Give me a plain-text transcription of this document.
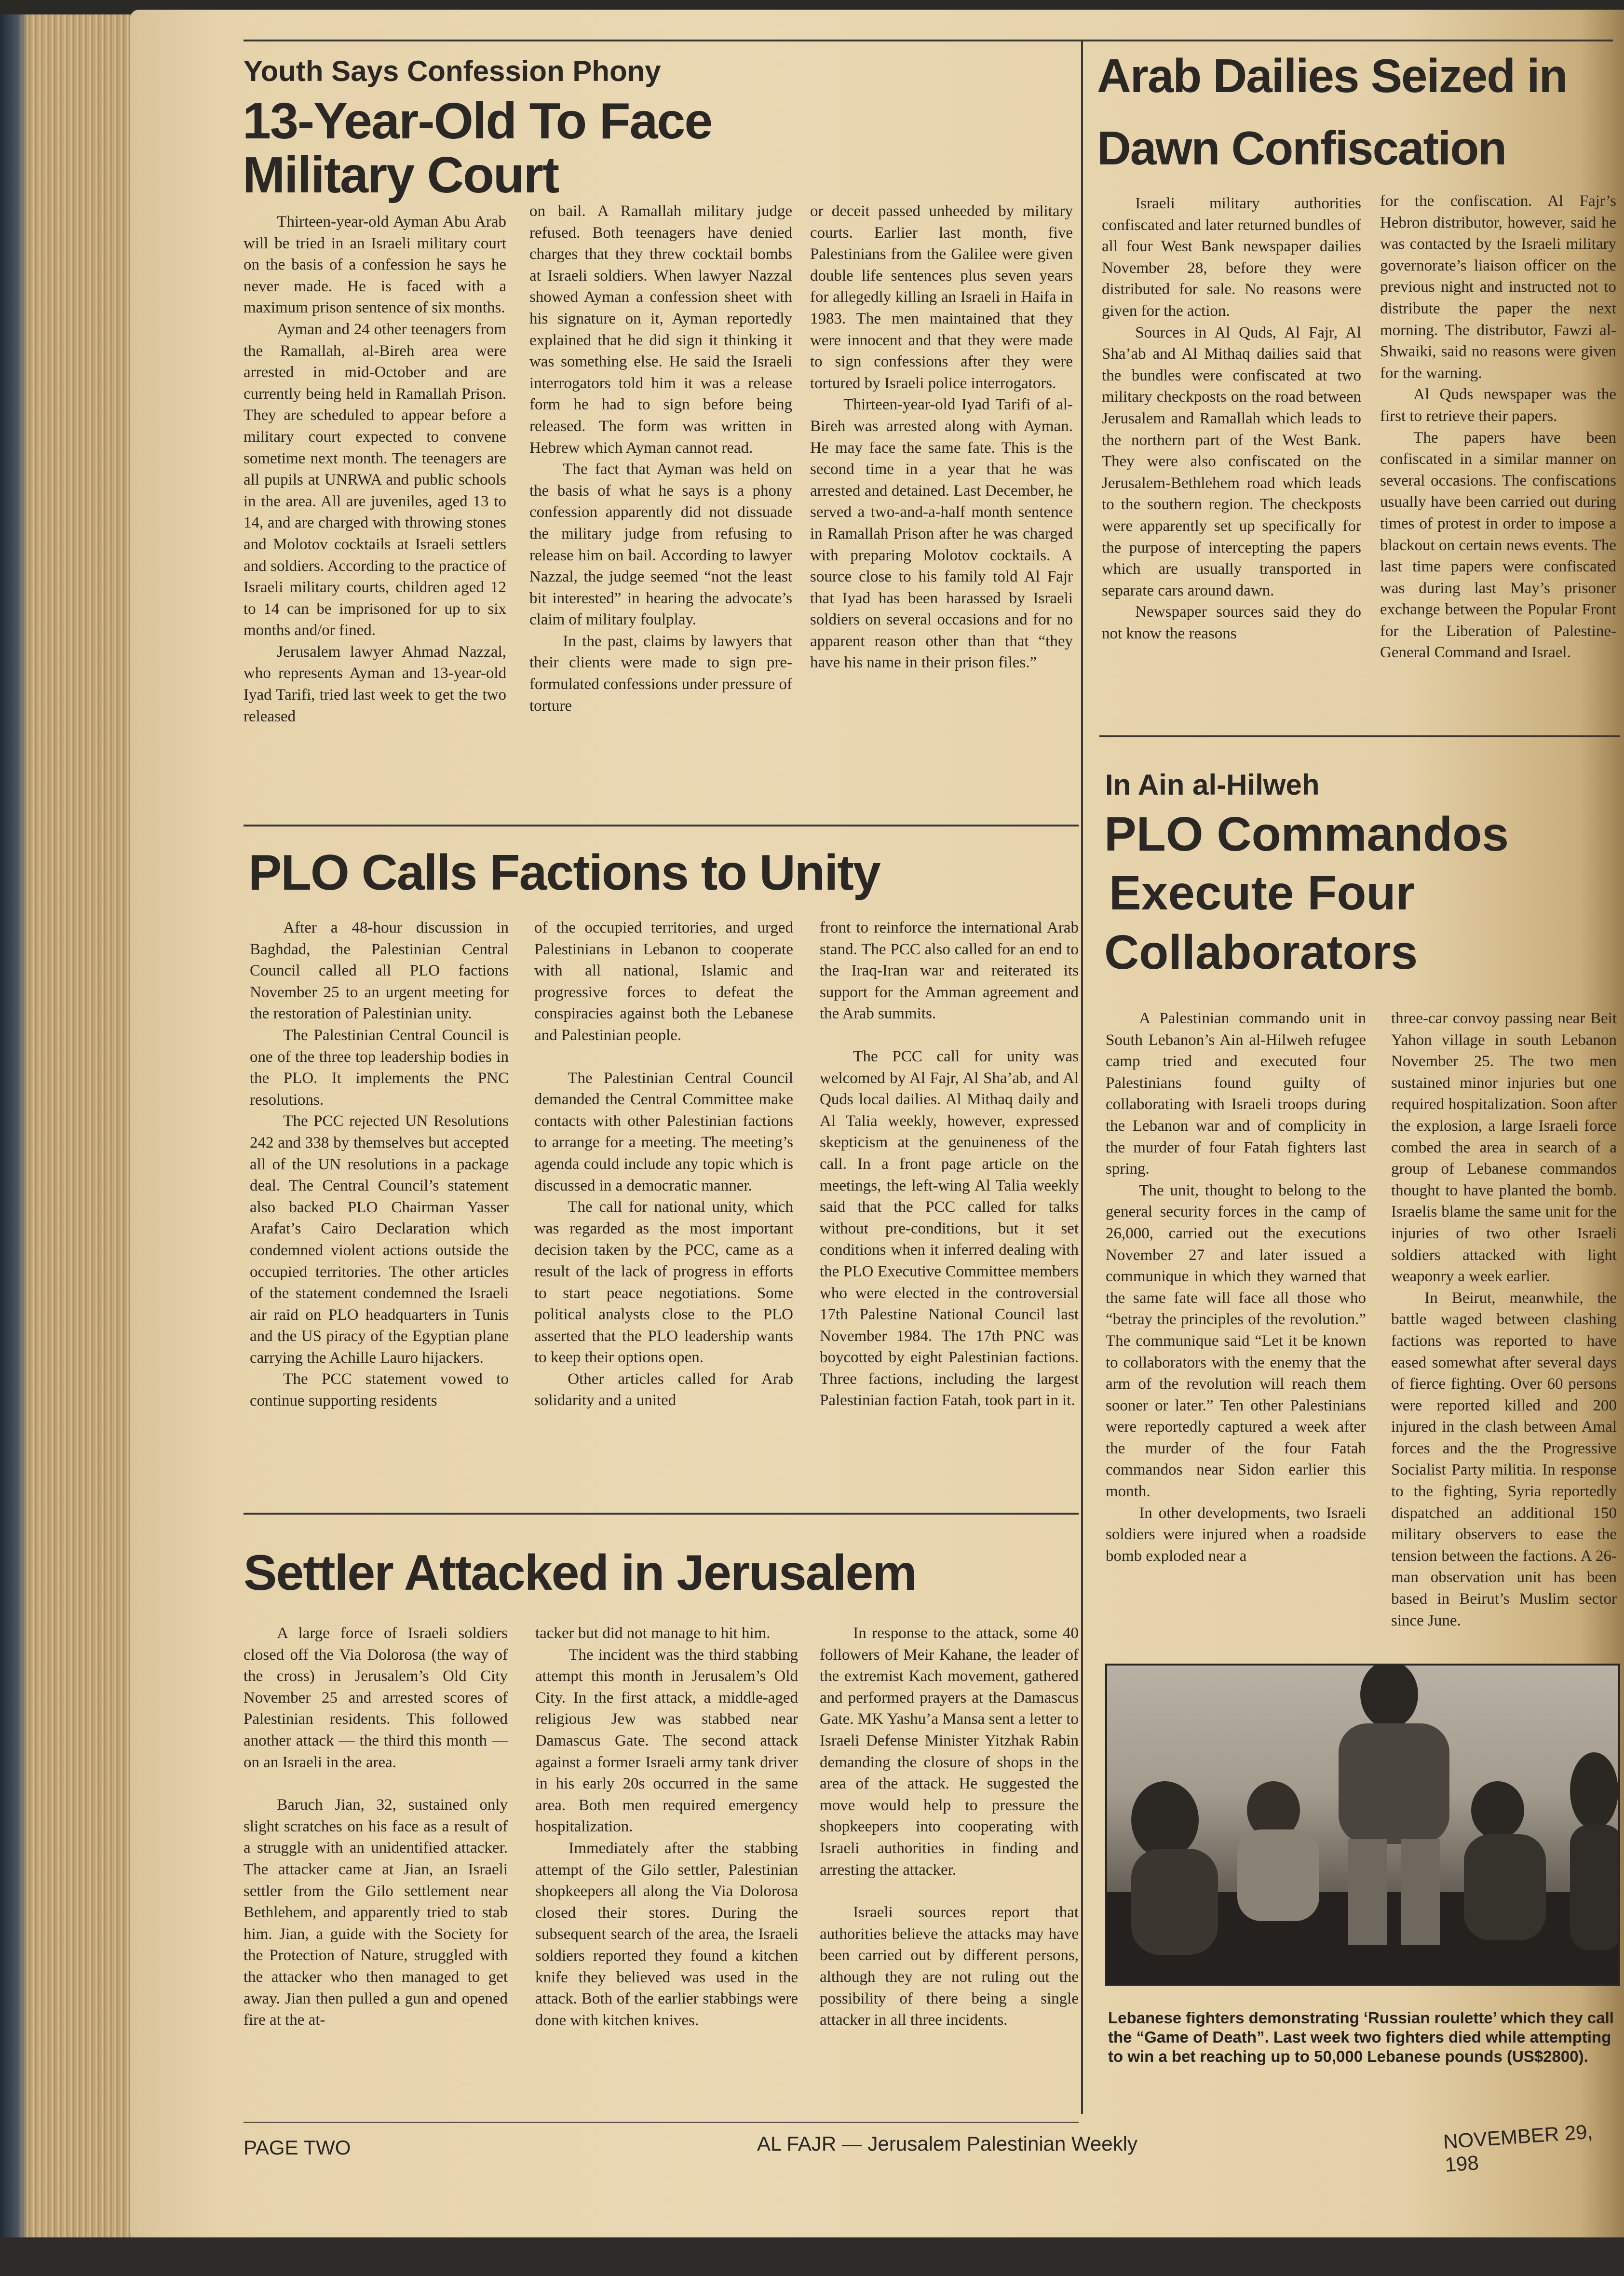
Youth Says Confession Phony
13-Year-Old To Face
Military Court

Thirteen-year-old Ayman Abu Arab will be tried in an Israeli military court on the basis of a confession he says he never made. He is faced with a maximum prison sentence of six months.

Ayman and 24 other teenagers from the Ramallah, al-Bireh area were arrested in mid-October and are currently being held in Ramallah Prison. They are scheduled to appear before a military court expected to convene sometime next month. The teenagers are all pupils at UNRWA and public schools in the area. All are juveniles, aged 13 to 14, and are charged with throwing stones and Molotov cocktails at Israeli settlers and soldiers. According to the practice of Israeli military courts, children aged 12 to 14 can be imprisoned for up to six months and/or fined.

Jerusalem lawyer Ahmad Nazzal, who represents Ayman and 13-year-old Iyad Tarifi, tried last week to get the two released

on bail. A Ramallah military judge refused. Both teenagers have denied charges that they threw cocktail bombs at Israeli soldiers. When lawyer Nazzal showed Ayman a confession sheet with his signature on it, Ayman reportedly explained that he did sign it thinking it was something else. He said the Israeli interrogators told him it was a release form he had to sign before being released. The form was written in Hebrew which Ayman cannot read.

The fact that Ayman was held on the basis of what he says is a phony confession apparently did not dissuade the military judge from refusing to release him on bail. According to lawyer Nazzal, the judge seemed “not the least bit interested” in hearing the advocate’s claim of military foulplay.

In the past, claims by lawyers that their clients were made to sign pre-formulated confessions under pressure of torture

or deceit passed unheeded by military courts. Earlier last month, five Palestinians from the Galilee were given double life sentences plus seven years for allegedly killing an Israeli in Haifa in 1983. The men maintained that they were innocent and that they were made to sign confessions after they were tortured by Israeli police interrogators.

Thirteen-year-old Iyad Tarifi of al-Bireh was arrested along with Ayman. He may face the same fate. This is the second time in a year that he was arrested and detained. Last December, he served a two-and-a-half month sentence in Ramallah Prison after he was charged with preparing Molotov cocktails. A source close to his family told Al Fajr that Iyad has been harassed by Israeli soldiers on several occasions and for no apparent reason other than that “they have his name in their prison files.”

Arab Dailies Seized in
Dawn Confiscation

Israeli military authorities confiscated and later returned bundles of all four West Bank newspaper dailies November 28, before they were distributed for sale. No reasons were given for the action.

Sources in Al Quds, Al Fajr, Al Sha’ab and Al Mithaq dailies said that the bundles were confiscated at two military checkposts on the road between Jerusalem and Ramallah which leads to the northern part of the West Bank. They were also confiscated on the Jerusalem-Bethlehem road which leads to the southern region. The checkposts were apparently set up specifically for the purpose of intercepting the papers which are usually transported in separate cars around dawn.

Newspaper sources said they do not know the reasons

for the confiscation. Al Fajr’s Hebron distributor, however, said he was contacted by the Israeli military governorate’s liaison officer on the previous night and instructed not to distribute the paper the next morning. The distributor, Fawzi al-Shwaiki, said no reasons were given for the warning.

Al Quds newspaper was the first to retrieve their papers.

The papers have been confiscated in a similar manner on several occasions. The confiscations usually have been carried out during times of protest in order to impose a blackout on certain news events. The last time papers were confiscated was during last May’s prisoner exchange between the Popular Front for the Liberation of Palestine-General Command and Israel.

PLO Calls Factions to Unity

After a 48-hour discussion in Baghdad, the Palestinian Central Council called all PLO factions November 25 to an urgent meeting for the restoration of Palestinian unity.

The Palestinian Central Council is one of the three top leadership bodies in the PLO. It implements the PNC resolutions.

The PCC rejected UN Resolutions 242 and 338 by themselves but accepted all of the UN resolutions in a package deal. The Central Council’s statement also backed PLO Chairman Yasser Arafat’s Cairo Declaration which condemned violent actions outside the occupied territories. The other articles of the statement condemned the Israeli air raid on PLO headquarters in Tunis and the US piracy of the Egyptian plane carrying the Achille Lauro hijackers.

The PCC statement vowed to continue supporting residents

of the occupied territories, and urged Palestinians in Lebanon to cooperate with all national, Islamic and progressive forces to defeat the conspiracies against both the Lebanese and Palestinian people.

The Palestinian Central Council demanded the Central Committee make contacts with other Palestinian factions to arrange for a meeting. The meeting’s agenda could include any topic which is discussed in a democratic manner.

The call for national unity, which was regarded as the most important decision taken by the PCC, came as a result of the lack of progress in efforts to start peace negotiations. Some political analysts close to the PLO asserted that the PLO leadership wants to keep their options open.

Other articles called for Arab solidarity and a united

front to reinforce the international Arab stand. The PCC also called for an end to the Iraq-Iran war and reiterated its support for the Amman agreement and the Arab summits.

The PCC call for unity was welcomed by Al Fajr, Al Sha’ab, and Al Quds local dailies. Al Mithaq daily and Al Talia weekly, however, expressed skepticism at the genuineness of the call. In a front page article on the meetings, the left-wing Al Talia weekly said that the PCC called for talks without pre-conditions, but it set conditions when it inferred dealing with the PLO Executive Committee members who were elected in the controversial 17th Palestine National Council last November 1984. The 17th PNC was boycotted by eight Palestinian factions. Three factions, including the largest Palestinian faction Fatah, took part in it.

In Ain al-Hilweh
PLO Commandos
Execute Four
Collaborators

A Palestinian commando unit in South Lebanon’s Ain al-Hilweh refugee camp tried and executed four Palestinians found guilty of collaborating with Israeli troops during the Lebanon war and of complicity in the murder of four Fatah fighters last spring.

The unit, thought to belong to the general security forces in the camp of 26,000, carried out the executions November 27 and later issued a communique in which they warned that the same fate will face all those who “betray the principles of the revolution.” The communique said “Let it be known to collaborators with the enemy that the arm of the revolution will reach them sooner or later.” Ten other Palestinians were reportedly captured a week after the murder of the four Fatah commandos near Sidon earlier this month.

In other developments, two Israeli soldiers were injured when a roadside bomb exploded near a

three-car convoy passing near Beit Yahon village in south Lebanon November 25. The two men sustained minor injuries but one required hospitalization. Soon after the explosion, a large Israeli force combed the area in search of a group of Lebanese commandos thought to have planted the bomb. Israelis blame the same unit for the injuries of two other Israeli soldiers attacked with light weaponry a week earlier.

In Beirut, meanwhile, the battle waged between clashing factions was reported to have eased somewhat after several days of fierce fighting. Over 60 persons were reported killed and 200 injured in the clash between Amal forces and the the Progressive Socialist Party militia. In response to the fighting, Syria reportedly dispatched an additional 150 military observers to ease the tension between the factions. A 26-man observation unit has been based in Beirut’s Muslim sector since June.

Lebanese fighters demonstrating ‘Russian roulette’ which they call the “Game of Death”. Last week two fighters died while attempting to win a bet reaching up to 50,000 Lebanese pounds (US$2800).
Settler Attacked in Jerusalem

A large force of Israeli soldiers closed off the Via Dolorosa (the way of the cross) in Jerusalem’s Old City November 25 and arrested scores of Palestinian residents. This followed another attack — the third this month — on an Israeli in the area.

Baruch Jian, 32, sustained only slight scratches on his face as a result of a struggle with an unidentified attacker. The attacker came at Jian, an Israeli settler from the Gilo settlement near Bethlehem, and apparently tried to stab him. Jian, a guide with the Society for the Protection of Nature, struggled with the attacker who then managed to get away. Jian then pulled a gun and opened fire at the at-

tacker but did not manage to hit him.

The incident was the third stabbing attempt this month in Jerusalem’s Old City. In the first attack, a middle-aged religious Jew was stabbed near Damascus Gate. The second attack against a former Israeli army tank driver in his early 20s occurred in the same area. Both men required emergency hospitalization.

Immediately after the stabbing attempt of the Gilo settler, Palestinian shopkeepers all along the Via Dolorosa closed their stores. During the subsequent search of the area, the Israeli soldiers reported they found a kitchen knife they believed was used in the attack. Both of the earlier stabbings were done with kitchen knives.

In response to the attack, some 40 followers of Meir Kahane, the leader of the extremist Kach movement, gathered and performed prayers at the Damascus Gate. MK Yashu’a Mansa sent a letter to Israeli Defense Minister Yitzhak Rabin demanding the closure of shops in the area of the attack. He suggested the move would help to pressure the shopkeepers into cooperating with Israeli authorities in finding and arresting the attacker.

Israeli sources report that authorities believe the attacks may have been carried out by different persons, although they are not ruling out the possibility of there being a single attacker in all three incidents.

PAGE TWO	AL FAJR — Jerusalem Palestinian Weekly	NOVEMBER 29, 198
